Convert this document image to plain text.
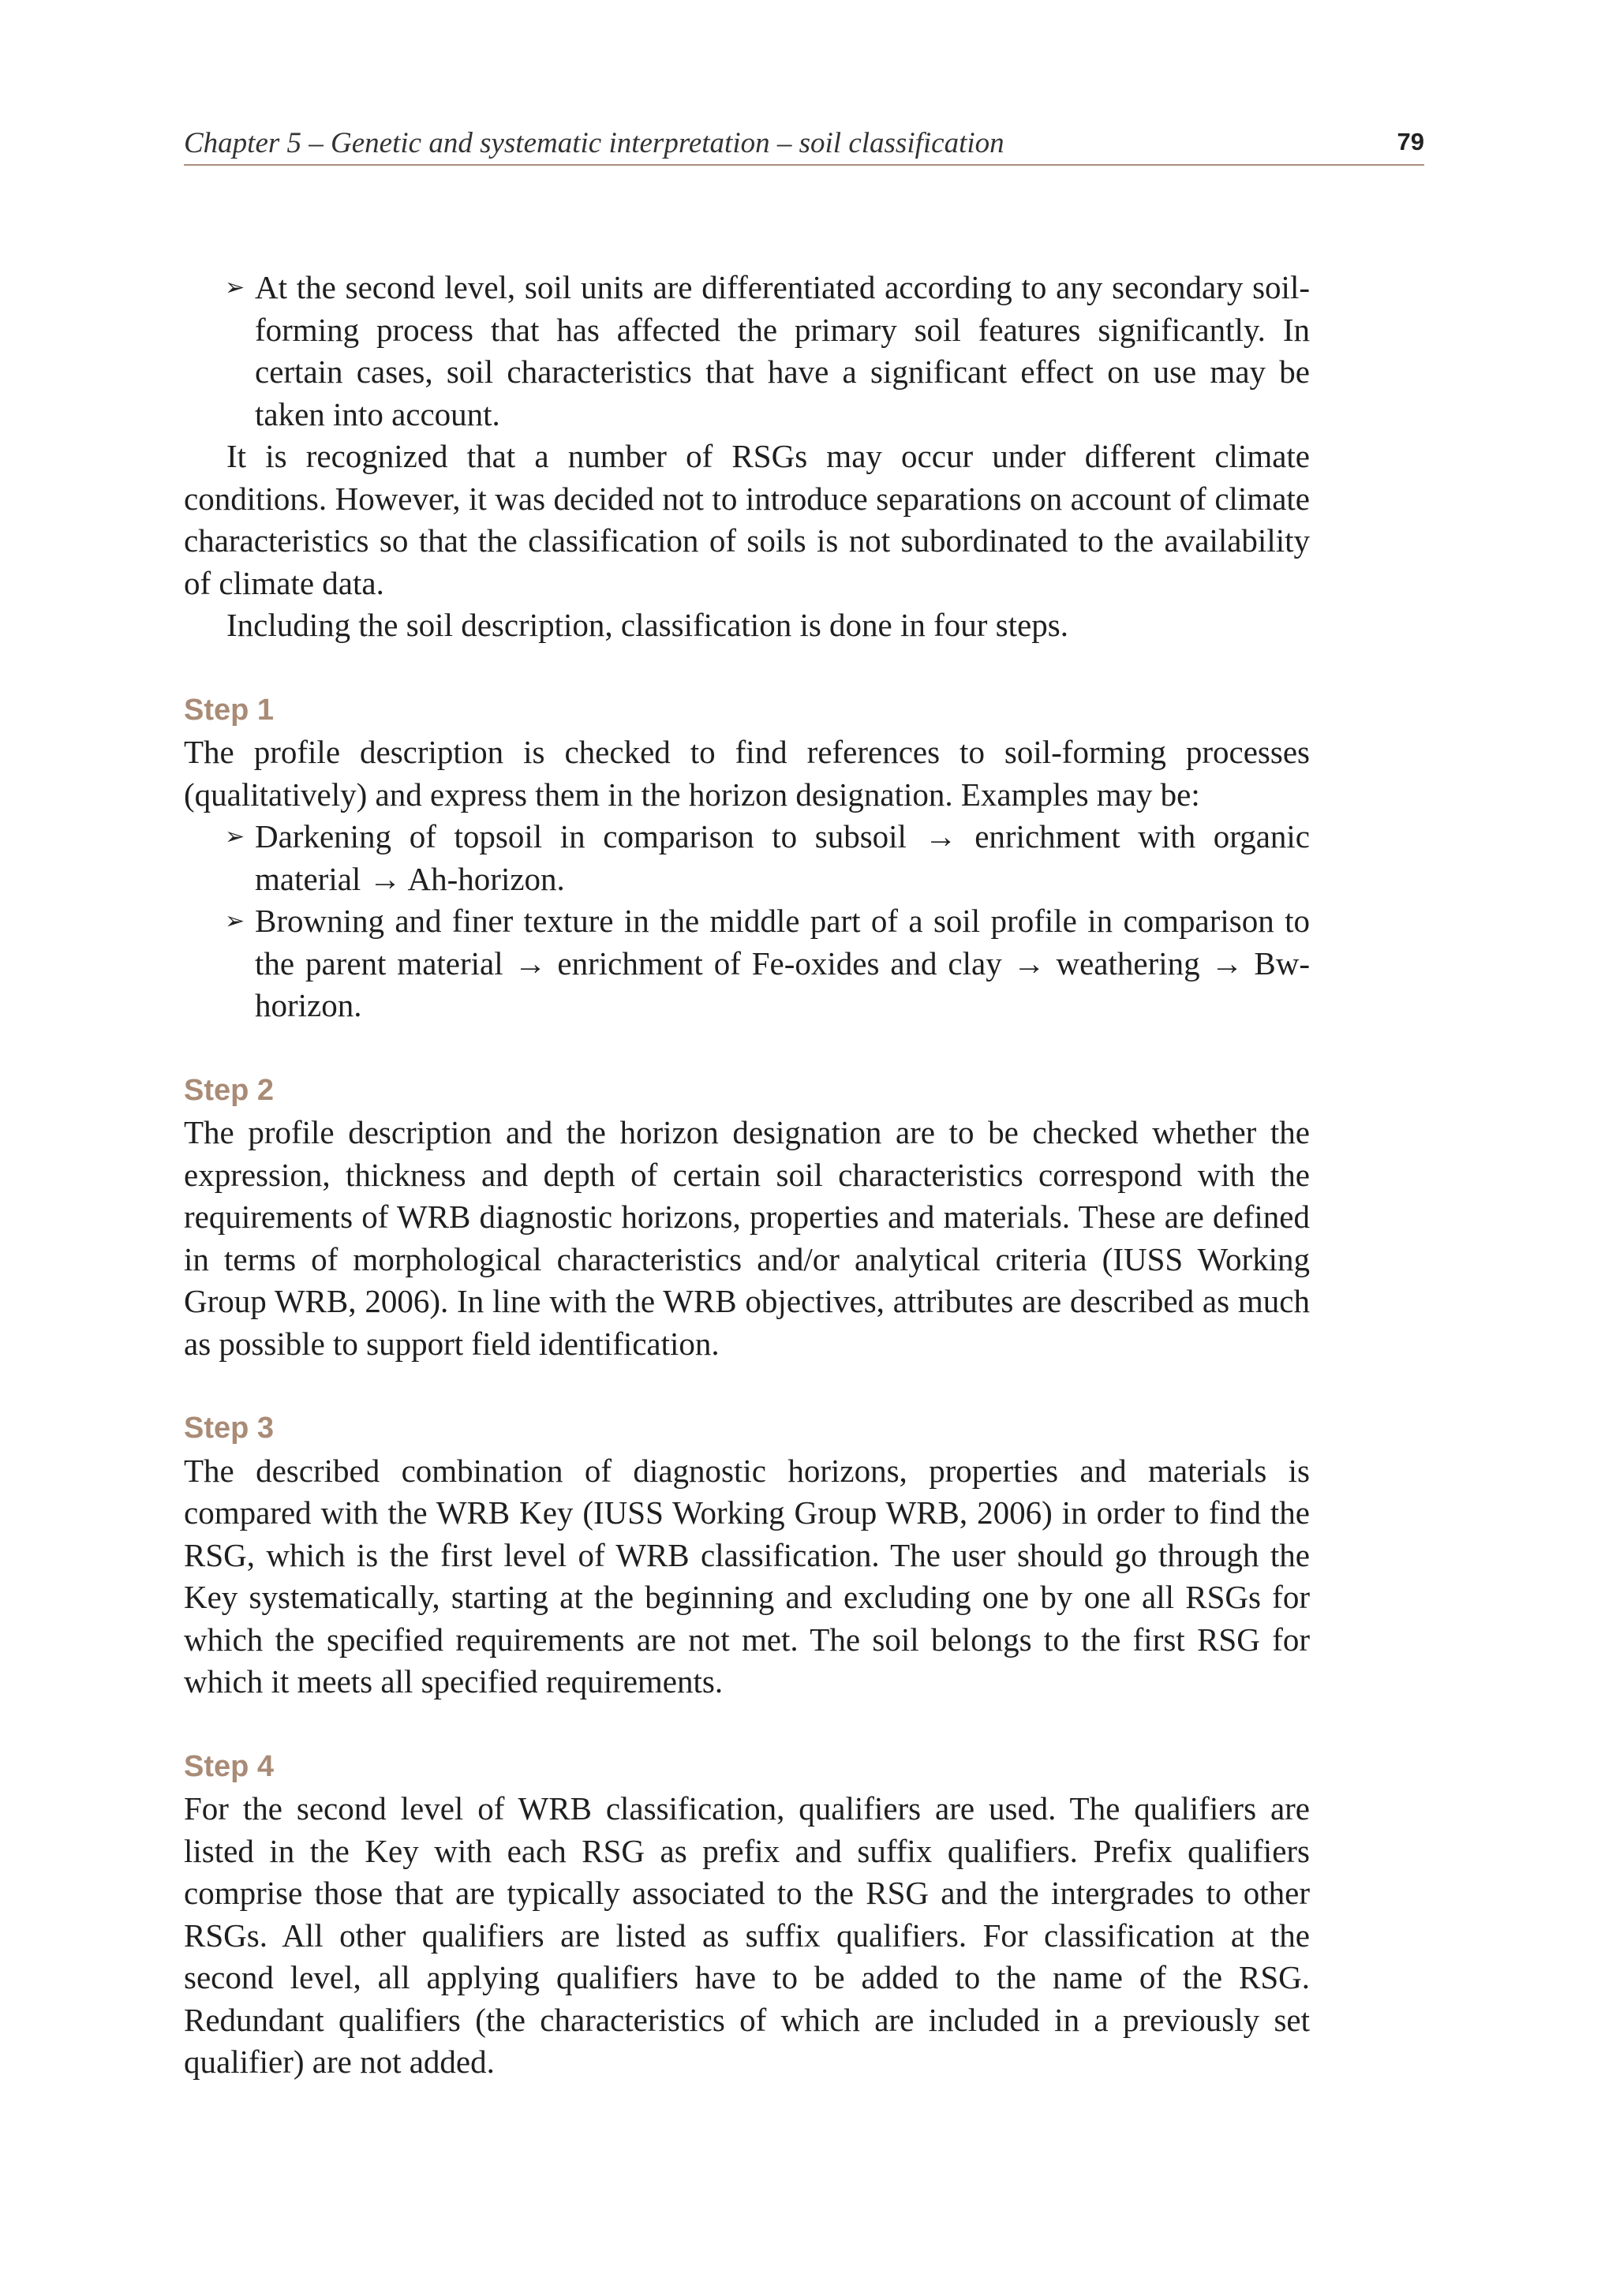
Chapter 5 – Genetic and systematic interpretation – soil classification	79
➢ At the second level, soil units are differentiated according to any secondary soil-forming process that has affected the primary soil features significantly. In certain cases, soil characteristics that have a significant effect on use may be taken into account.

It is recognized that a number of RSGs may occur under different climate conditions. However, it was decided not to introduce separations on account of climate characteristics so that the classification of soils is not subordinated to the availability of climate data.

Including the soil description, classification is done in four steps.

Step 1

The profile description is checked to find references to soil-forming processes (qualitatively) and express them in the horizon designation. Examples may be:

➢ Darkening of topsoil in comparison to subsoil → enrichment with organic material → Ah-horizon.
➢ Browning and finer texture in the middle part of a soil profile in comparison to the parent material → enrichment of Fe-oxides and clay → weathering → Bw-horizon.
Step 2

The profile description and the horizon designation are to be checked whether the expression, thickness and depth of certain soil characteristics correspond with the requirements of WRB diagnostic horizons, properties and materials. These are defined in terms of morphological characteristics and/or analytical criteria (IUSS Working Group WRB, 2006). In line with the WRB objectives, attributes are described as much as possible to support field identification.

Step 3

The described combination of diagnostic horizons, properties and materials is compared with the WRB Key (IUSS Working Group WRB, 2006) in order to find the RSG, which is the first level of WRB classification. The user should go through the Key systematically, starting at the beginning and excluding one by one all RSGs for which the specified requirements are not met. The soil belongs to the first RSG for which it meets all specified requirements.

Step 4

For the second level of WRB classification, qualifiers are used. The qualifiers are listed in the Key with each RSG as prefix and suffix qualifiers. Prefix qualifiers comprise those that are typically associated to the RSG and the intergrades to other RSGs. All other qualifiers are listed as suffix qualifiers. For classification at the second level, all applying qualifiers have to be added to the name of the RSG. Redundant qualifiers (the characteristics of which are included in a previously set qualifier) are not added.
